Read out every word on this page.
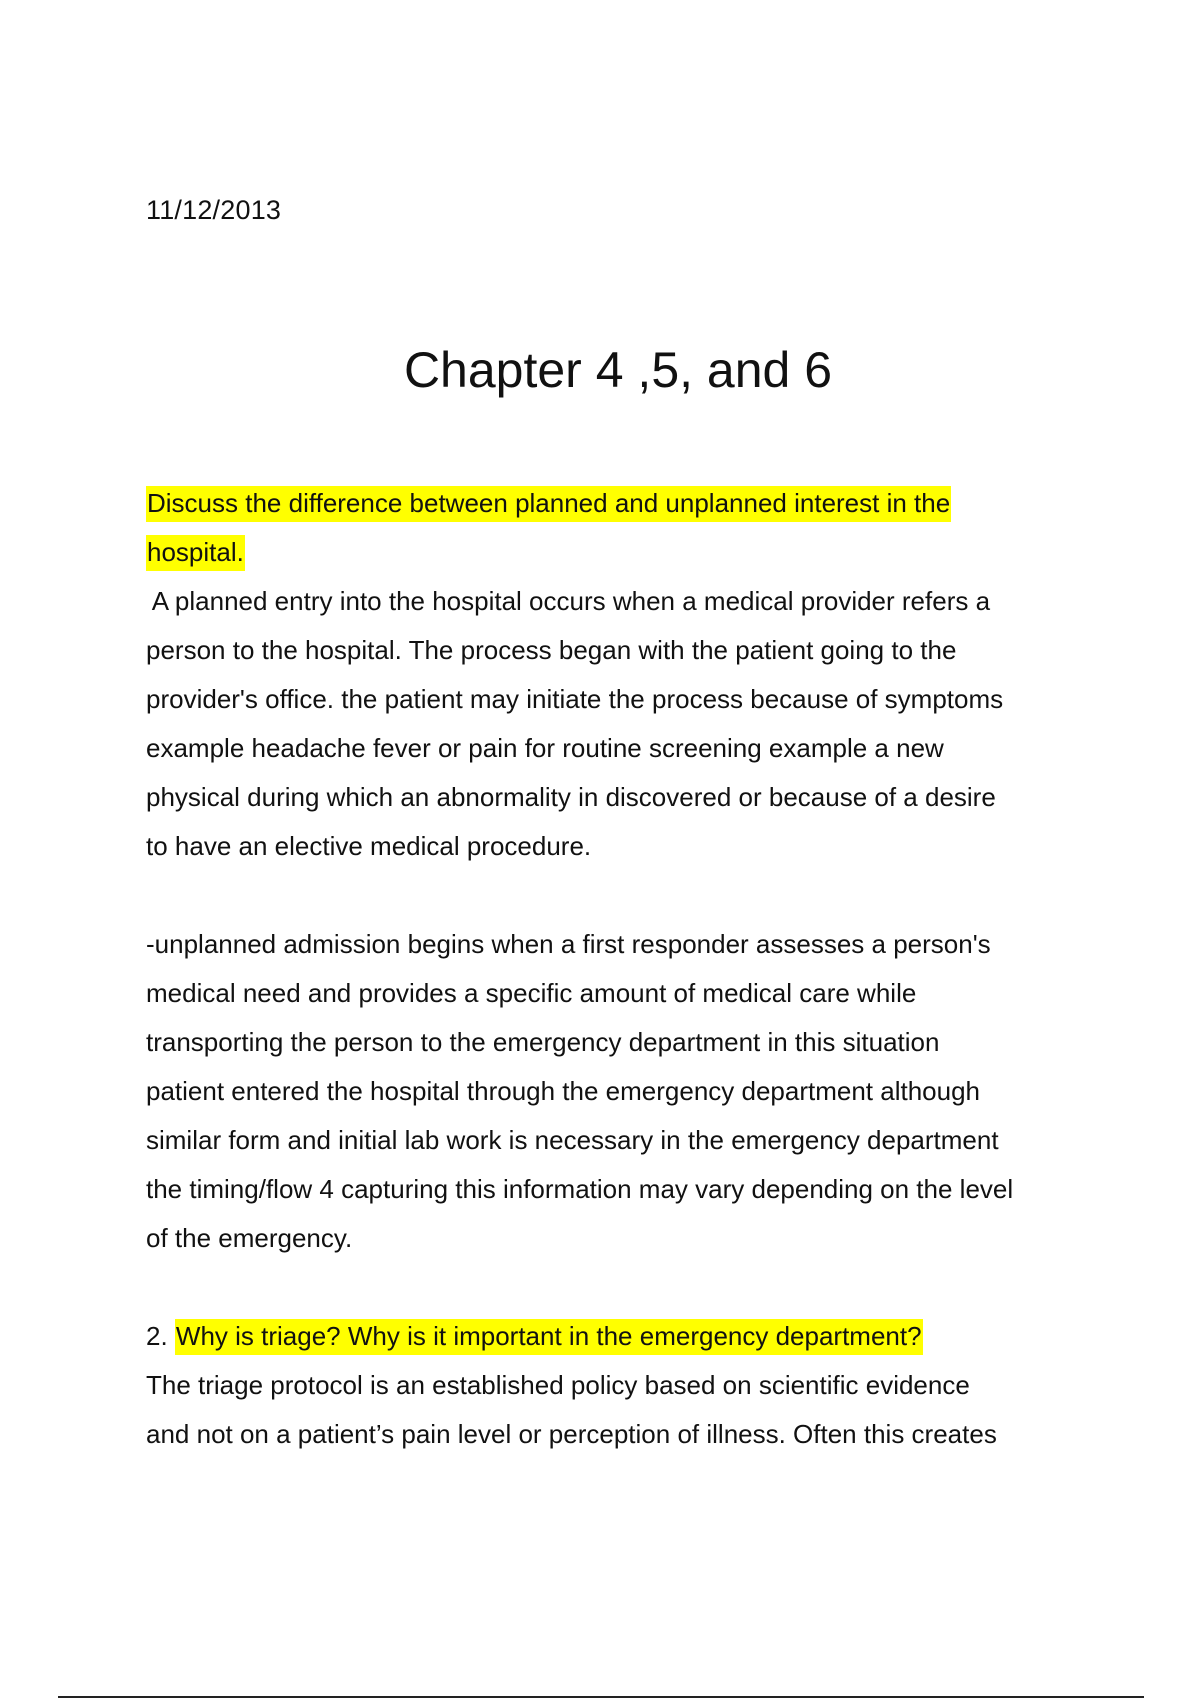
11/12/2013
Chapter 4 ,5, and 6
Discuss the difference between planned and unplanned interest in the
hospital.
A planned entry into the hospital occurs when a medical provider refers a
person to the hospital. The process began with the patient going to the
provider's office. the patient may initiate the process because of symptoms
example headache fever or pain for routine screening example a new
physical during which an abnormality in discovered or because of a desire
to have an elective medical procedure.
-unplanned admission begins when a first responder assesses a person's
medical need and provides a specific amount of medical care while
transporting the person to the emergency department in this situation
patient entered the hospital through the emergency department although
similar form and initial lab work is necessary in the emergency department
the timing/flow 4 capturing this information may vary depending on the level
of the emergency.
2. Why is triage? Why is it important in the emergency department?
The triage protocol is an established policy based on scientific evidence
and not on a patient’s pain level or perception of illness. Often this creates
